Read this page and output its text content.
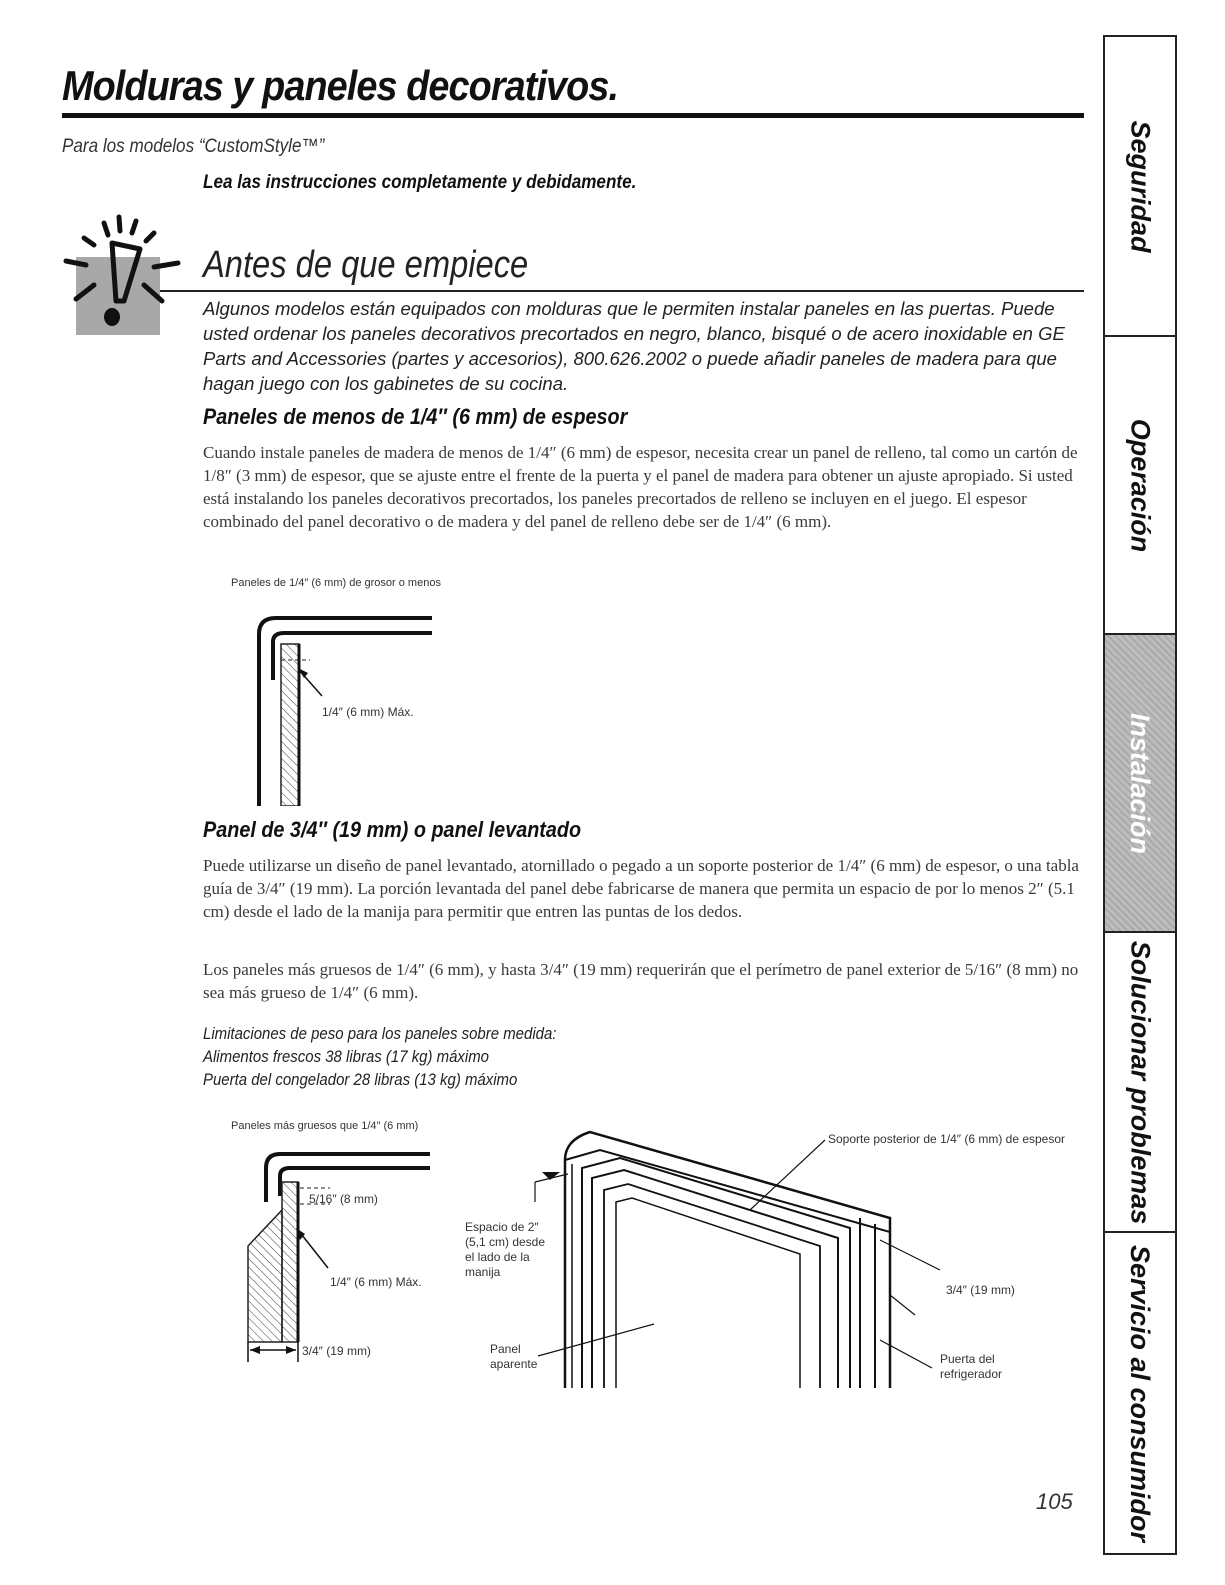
Molduras y paneles decorativos.
Para los modelos “CustomStyle™”
Lea las instrucciones completamente y debidamente.
Antes de que empiece
Algunos modelos están equipados con molduras que le permiten instalar paneles en las puertas. Puede usted ordenar los paneles decorativos precortados en negro, blanco, bisqué o de acero inoxidable en GE Parts and Accessories (partes y accesorios), 800.626.2002 o puede añadir paneles de madera para que hagan juego con los gabinetes de su cocina.
Paneles de menos de 1/4″ (6 mm) de espesor
Cuando instale paneles de madera de menos de 1/4″ (6 mm) de espesor, necesita crear un panel de relleno, tal como un cartón de 1/8″ (3 mm) de espesor, que se ajuste entre el frente de la puerta y el panel de madera para obtener un ajuste apropiado. Si usted está instalando los paneles decorativos precortados, los paneles precortados de relleno se incluyen en el juego. El espesor combinado del panel decorativo o de madera y del panel de relleno debe ser de 1/4″ (6 mm).
Paneles de 1/4″ (6 mm) de grosor o menos
1/4″ (6 mm) Máx.
Panel de 3/4″ (19 mm) o panel levantado
Puede utilizarse un diseño de panel levantado, atornillado o pegado a un soporte posterior de 1/4″ (6 mm) de espesor, o una tabla guía de 3/4″ (19 mm). La porción levantada del panel debe fabricarse de manera que permita un espacio de por lo menos 2″ (5.1 cm) desde el lado de la manija para permitir que entren las puntas de los dedos.
Los paneles más gruesos de 1/4″ (6 mm), y hasta 3/4″ (19 mm) requerirán que el perímetro de panel exterior de 5/16″ (8 mm) no sea más grueso de 1/4″ (6 mm).
Limitaciones de peso para los paneles sobre medida:
Alimentos frescos 38 libras (17 kg) máximo
Puerta del congelador 28 libras (13 kg) máximo
Paneles más gruesos que 1/4″ (6 mm)
5/16″ (8 mm)
1/4″ (6 mm) Máx.
3/4″ (19 mm)
Espacio de 2″
(5,1 cm) desde
el lado de la
manija
Panel
aparente
Soporte posterior de 1/4″ (6 mm) de espesor
3/4″ (19 mm)
Puerta del
refrigerador
105
Seguridad
Operación
Instalación
Solucionar problemas
Servicio al consumidor
